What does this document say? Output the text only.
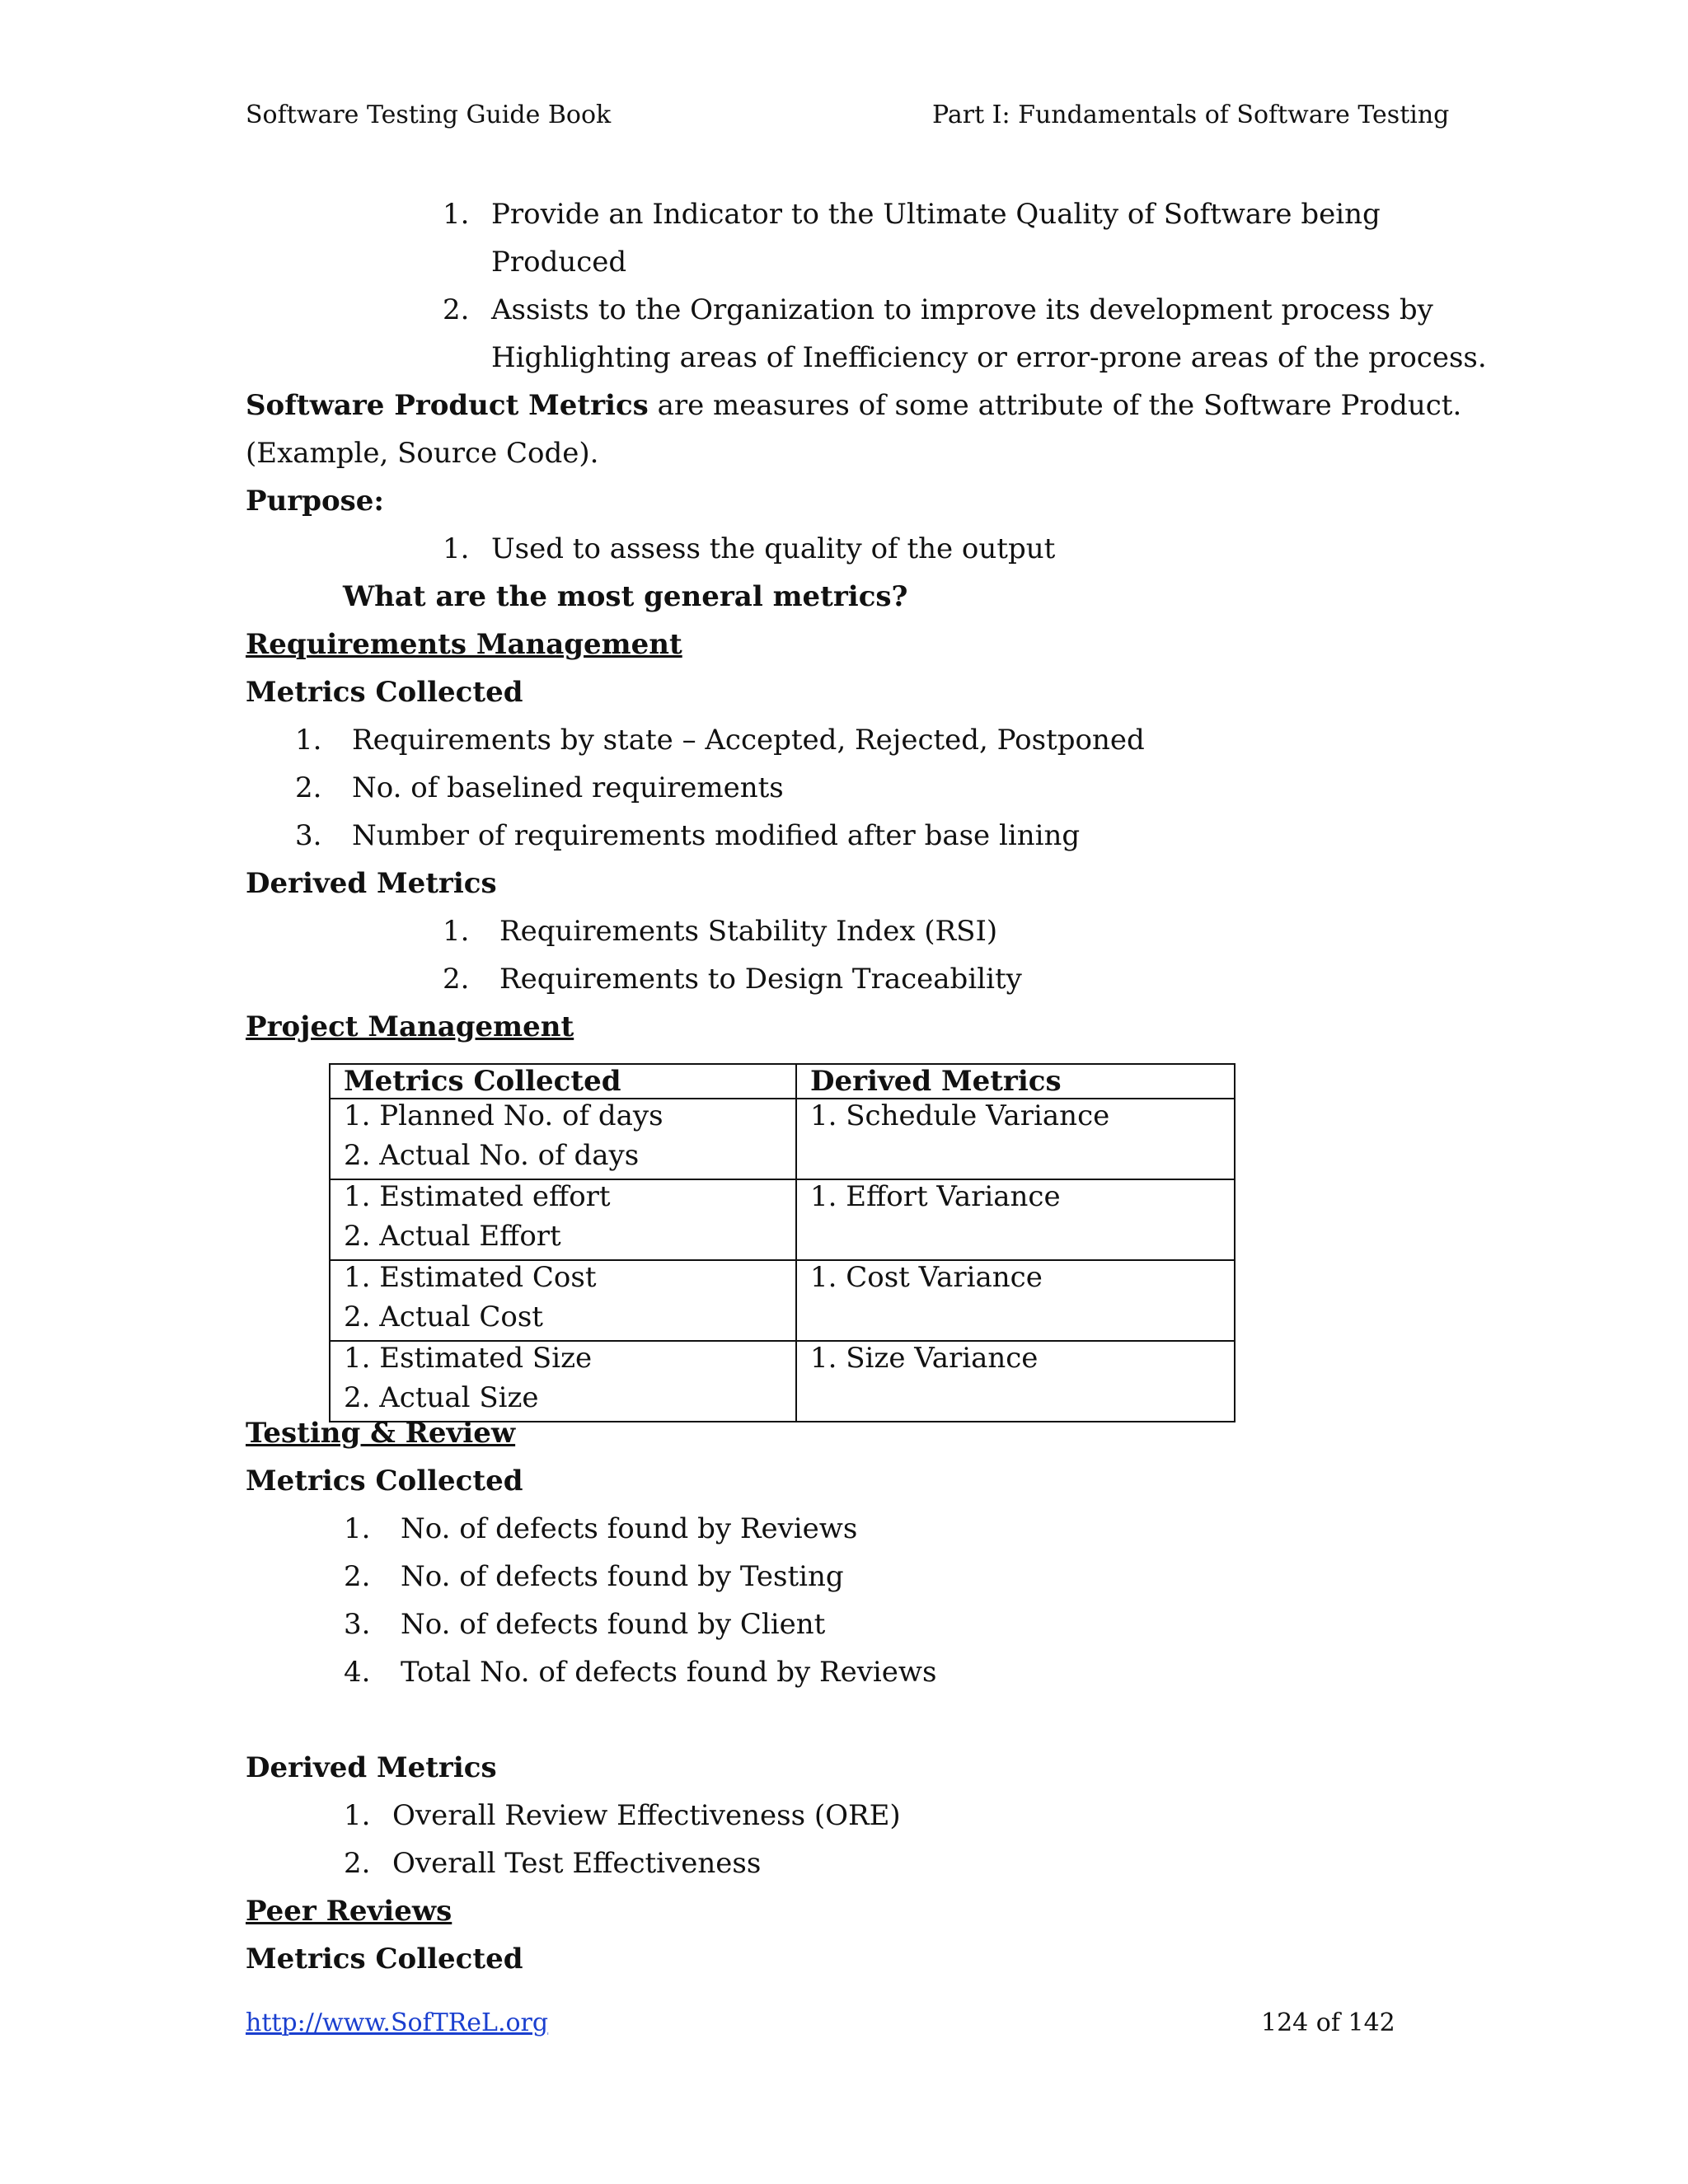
Software Testing Guide Book	Part I: Fundamentals of Software Testing
1. Provide an Indicator to the Ultimate Quality of Software being
Produced
2. Assists to the Organization to improve its development process by
Highlighting areas of Inefficiency or error-prone areas of the process.
Software Product Metrics are measures of some attribute of the Software Product.
(Example, Source Code).
Purpose:
1. Used to assess the quality of the output
What are the most general metrics?
Requirements Management
Metrics Collected
1. Requirements by state – Accepted, Rejected, Postponed
2. No. of baselined requirements
3. Number of requirements modified after base lining
Derived Metrics
1. Requirements Stability Index (RSI)
2. Requirements to Design Traceability
Project Management
Metrics Collected	Derived Metrics

1. Planned No. of days
2. Actual No. of days	1. Schedule Variance

1. Estimated effort
2. Actual Effort	1. Effort Variance

1. Estimated Cost
2. Actual Cost	1. Cost Variance

1. Estimated Size
2. Actual Size	1. Size Variance
Testing & Review
Metrics Collected
1. No. of defects found by Reviews
2. No. of defects found by Testing
3. No. of defects found by Client
4. Total No. of defects found by Reviews
Derived Metrics
1. Overall Review Effectiveness (ORE)
2. Overall Test Effectiveness
Peer Reviews
Metrics Collected
http://www.SofTReL.org	124 of 142
